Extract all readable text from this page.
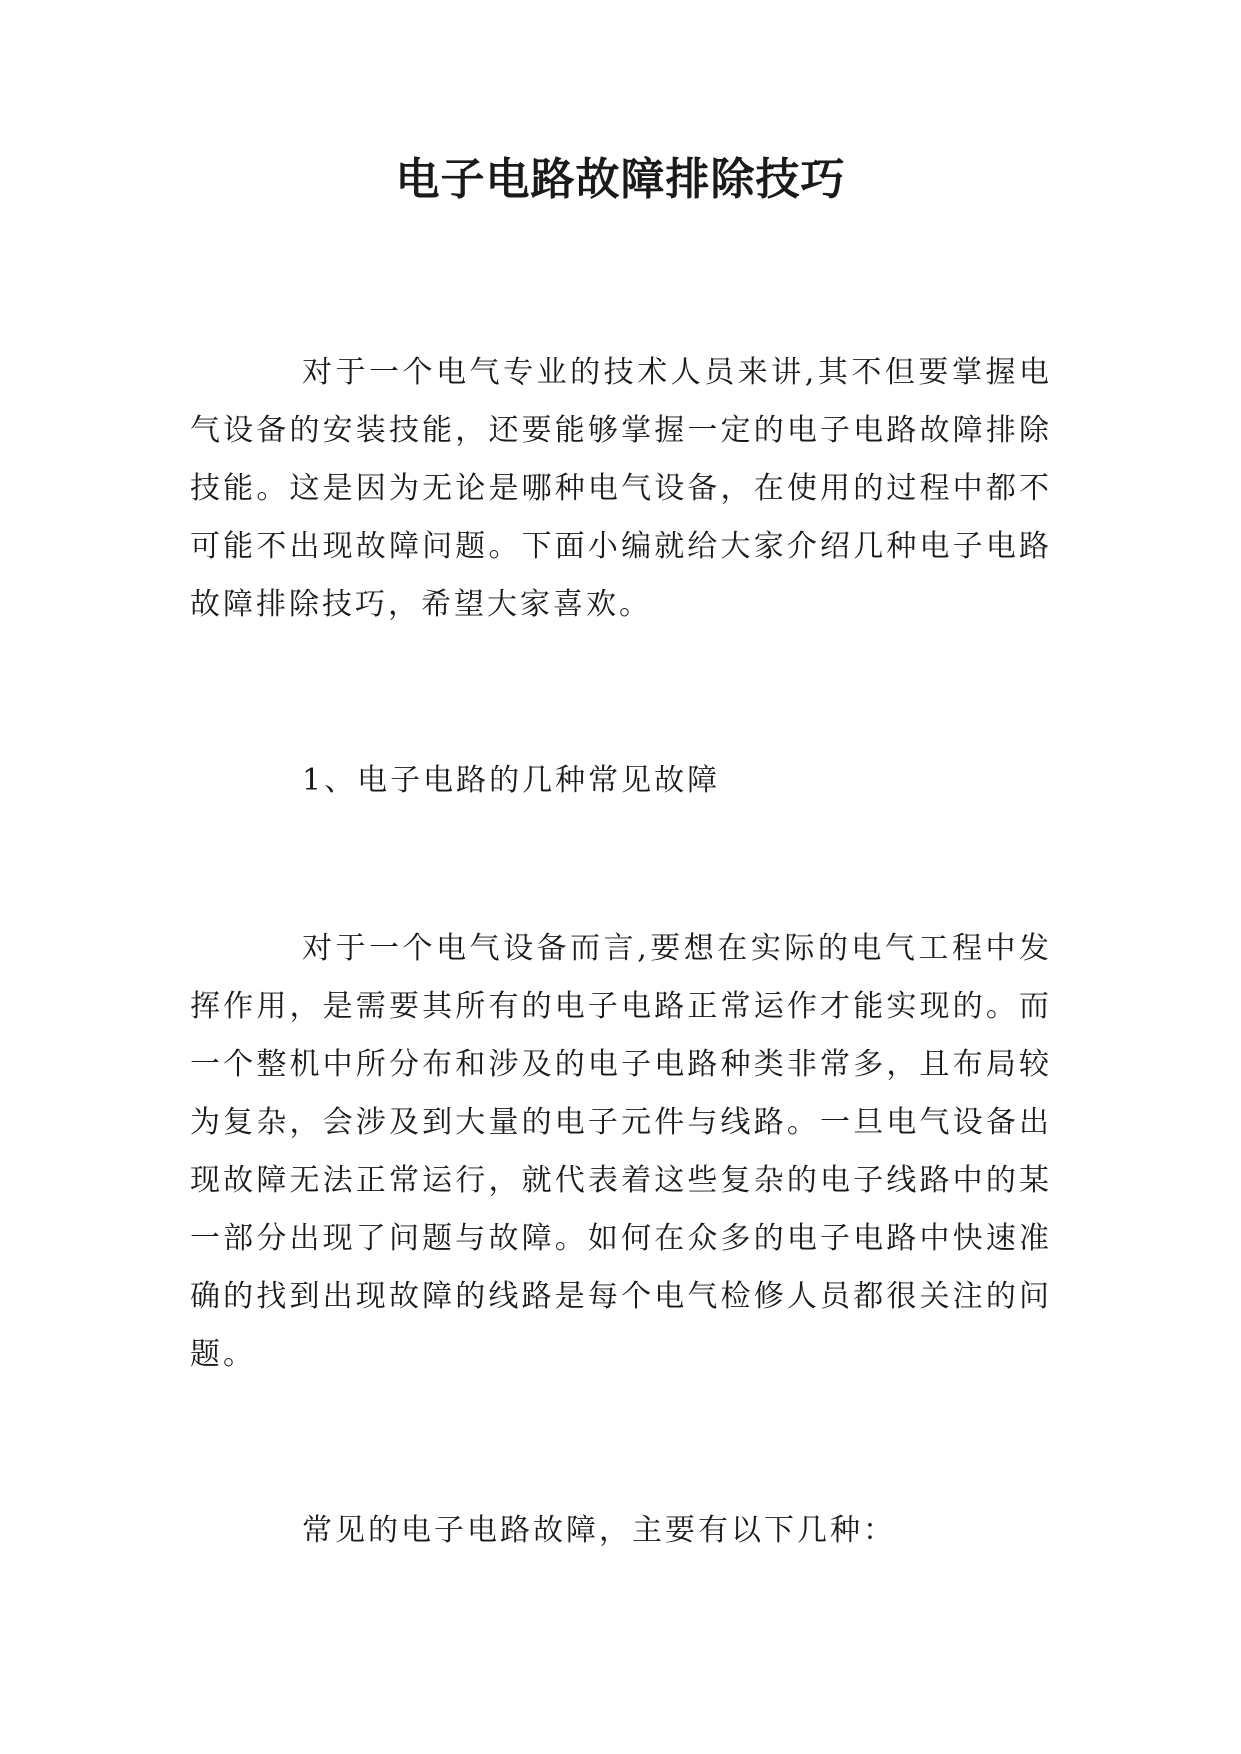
电子电路故障排除技巧

对于一个电气专业的技术人员来讲,其不但要掌握电气设备的安装技能，还要能够掌握一定的电子电路故障排除技能。这是因为无论是哪种电气设备，在使用的过程中都不可能不出现故障问题。下面小编就给大家介绍几种电子电路故障排除技巧，希望大家喜欢。

1、电子电路的几种常见故障

对于一个电气设备而言,要想在实际的电气工程中发挥作用，是需要其所有的电子电路正常运作才能实现的。而一个整机中所分布和涉及的电子电路种类非常多，且布局较为复杂，会涉及到大量的电子元件与线路。一旦电气设备出现故障无法正常运行，就代表着这些复杂的电子线路中的某一部分出现了问题与故障。如何在众多的电子电路中快速准确的找到出现故障的线路是每个电气检修人员都很关注的问题。

常见的电子电路故障，主要有以下几种：
